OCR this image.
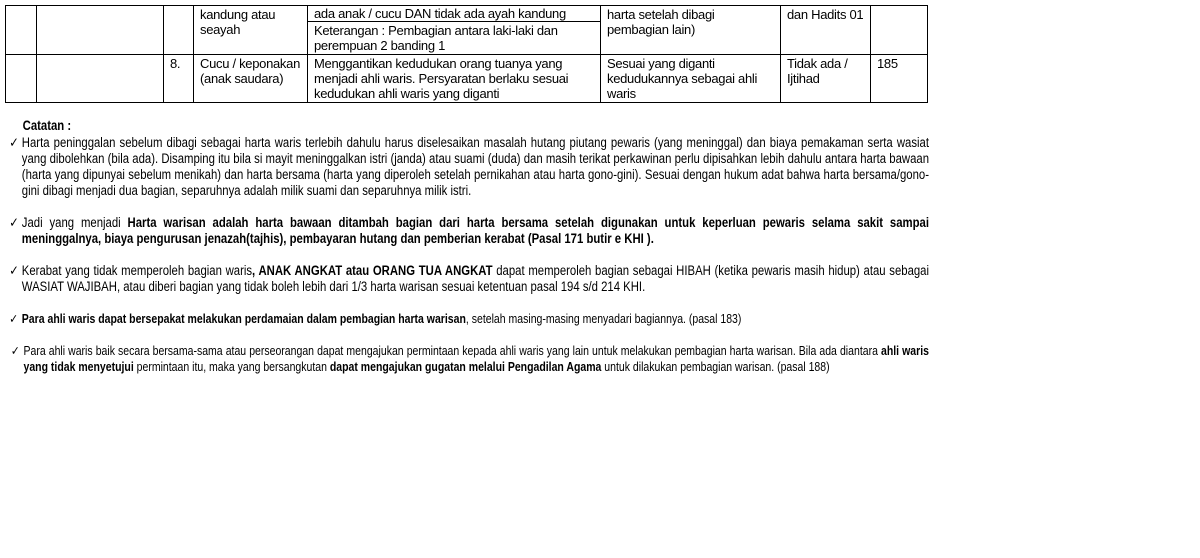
			kandung atau seayah	ada anak / cucu DAN tidak ada ayah kandung	harta setelah dibagi pembagian lain)	dan Hadits 01	
				Keterangan : Pembagian antara laki-laki dan perempuan 2 banding 1			
		8.	Cucu / keponakan (anak saudara)	Menggantikan kedudukan orang tuanya yang menjadi ahli waris. Persyaratan berlaku sesuai kedudukan ahli waris yang diganti	Sesuai yang diganti kedudukannya sebagai ahli waris	Tidak ada / Ijtihad	185
Catatan :
✓ Harta peninggalan sebelum dibagi sebagai harta waris terlebih dahulu harus diselesaikan masalah hutang piutang pewaris (yang meninggal) dan biaya pemakaman serta wasiat yang dibolehkan (bila ada). Disamping itu bila si mayit meninggalkan istri (janda) atau suami (duda) dan masih terikat perkawinan perlu dipisahkan lebih dahulu antara harta bawaan (harta yang dipunyai sebelum menikah) dan harta bersama (harta yang diperoleh setelah pernikahan atau harta gono-gini). Sesuai dengan hukum adat bahwa harta bersama/gono-gini dibagi menjadi dua bagian, separuhnya adalah milik suami dan separuhnya milik istri.
✓ Jadi yang menjadi Harta warisan adalah harta bawaan ditambah bagian dari harta bersama setelah digunakan untuk keperluan pewaris selama sakit sampai meninggalnya, biaya pengurusan jenazah(tajhis), pembayaran hutang dan pemberian kerabat (Pasal 171 butir e KHI ).
✓ Kerabat yang tidak memperoleh bagian waris, ANAK ANGKAT atau ORANG TUA ANGKAT dapat memperoleh bagian sebagai HIBAH (ketika pewaris masih hidup) atau sebagai WASIAT WAJIBAH, atau diberi bagian yang tidak boleh lebih dari 1/3 harta warisan sesuai ketentuan pasal 194 s/d 214 KHI.
✓ Para ahli waris dapat bersepakat melakukan perdamaian dalam pembagian harta warisan, setelah masing-masing menyadari bagiannya. (pasal 183)
✓ Para ahli waris baik secara bersama-sama atau perseorangan dapat mengajukan permintaan kepada ahli waris yang lain untuk melakukan pembagian harta warisan. Bila ada diantara ahli waris yang tidak menyetujui permintaan itu, maka yang bersangkutan dapat mengajukan gugatan melalui Pengadilan Agama untuk dilakukan pembagian warisan. (pasal 188)
